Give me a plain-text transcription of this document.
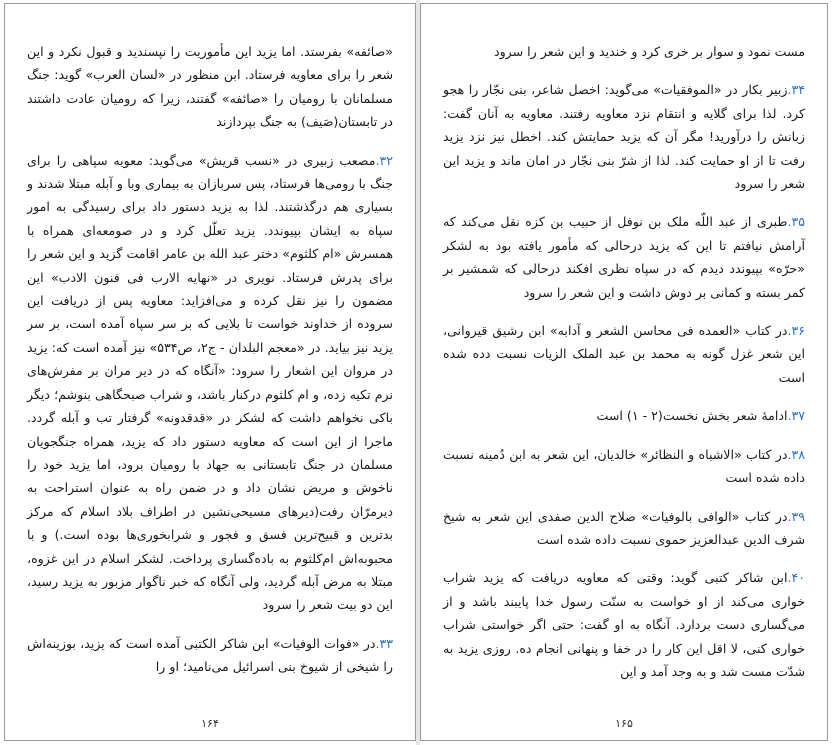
«صائفه» بفرستد. اما یزید این مأموریت را نپسندید و قبول نکرد و این شعر را برای معاویه فرستاد. ابن منظور در «لسان العرب» گوید: جنگ مسلمانان با رومیان را «صائفه» گفتند، زیرا که رومیان عادت داشتند در تابستان(صَیف) به جنگ بپردازند

۳۲.مصعب زبیری در «نسب قریش» می‌گوید: معویه سپاهی را برای جنگ با رومی‌ها فرستاد، پس سربازان به بیماری وبا و آبله مبتلا شدند و بسیاری هم درگذشتند. لذا به یزید دستور داد برای رسیدگی به امور سپاه به ایشان بپیوندد. یزید تعلّل کرد و در صومعه‌ای همراه با همسرش «ام کلثوم» دختر عبد الله بن عامر اقامت گزید و این شعر را برای پدرش فرستاد. نویری در «نهایه الارب فی فنون الادب» این مضمون را نیز نقل کرده و می‌افزاید: معاویه پس از دریافت این سروده از خداوند خواست تا بلایی که بر سر سپاه آمده است، بر سر یزید نیز بیاید. در «معجم البلدان - ج۲، ص۵۳۴» نیز آمده است که: یزید در مروان این اشعار را سرود: «آنگاه که در دیر مران بر مفرش‌های نرم تکیه زده، و ام کلثوم درکنار باشد، و شراب صبحگاهی بنوشم؛ دیگر باکی نخواهم داشت که لشکر در «قدقدونه» گرفتار تب و آبله گردد. ماجرا از این است که معاویه دستور داد که یزید، همراه جنگجویان مسلمان در جنگ تابستانی به جهاد با رومیان برود، اما یزید خود را ناخوش و مریض نشان داد و در ضمن راه به عنوان استراحت به دیرمرّان رفت(دیرهای مسیحی‌نشین در اطراف بلاد اسلام که مرکز بدترین و قبیح‌ترین فسق و فجور و شرابخوری‌ها بوده است.) و با محبوبه‌اش ام‌کلثوم به باده‌گساری پرداخت. لشکر اسلام در این غزوه، مبتلا به مرض آبله گردید، ولی آنگاه که خبر ناگوار مزبور به یزید رسید، این دو بیت شعر را سرود

۳۳.در «فوات الوفیات» ابن شاکر الکتبی آمده است که یزید، بوزینه‌اش را شیخی از شیوخ بنی اسرائیل می‌نامید؛ او را

۱۶۴

مست نمود و سوار بر خری کرد و خندید و این شعر را سرود

۳۴.زبیر بکار در «الموفقیات» می‌گوید: اخصل شاعر، بنی نجّار را هجو کرد. لذا برای گلایه و انتقام نزد معاویه رفتند. معاویه به آنان گفت: زبانش را درآورید! مگر آن که یزید حمایتش کند. اخطل نیز نزد یزید رفت تا از او حمایت کند. لذا از شرّ بنی نجّار در امان ماند و یزید این شعر را سرود

۳۵.طبری از عبد اللّه ملک بن نوفل از حبیب بن کزه نقل می‌کند که آرامش نیافتم تا این که یزید درحالی که مأمور یافته بود به لشکر «حرّه» بپیوندد دیدم که در سپاه نظری افکند درحالی که شمشیر بر کمر بسته و کمانی بر دوش داشت و این شعر را سرود

۳۶.در کتاب «العمده فی محاسن الشعر و آدابه» ابن رشیق قیروانی، این شعر غزل گونه به محمد بن عبد الملک الزیات نسبت دده شده است

۳۷.ادامهٔ شعر بخش نخست(۲ - ۱) است

۳۸.در کتاب «الاشباه و النظائر» خالدیان، این شعر به ابن دُمینه نسبت داده شده است

۳۹.در کتاب «الوافی بالوفیات» صلاح الدین صفدی این شعر به شیخ شرف الدین عبدالعزیز حموی نسبت داده شده است

۴۰.ابن شاکر کتبی گوید: وقتی که معاویه دریافت که یزید شراب خواری می‌کند از او خواست به سنّت رسول خدا پایبند باشد و از می‌گساری دست بردارد. آنگاه به او گفت: حتی اگر خواستی شراب خواری کنی، لا اقل این کار را در خفا و پنهانی انجام ده. روزی یزید به شدّت مست شد و به وجد آمد و این

۱۶۵
